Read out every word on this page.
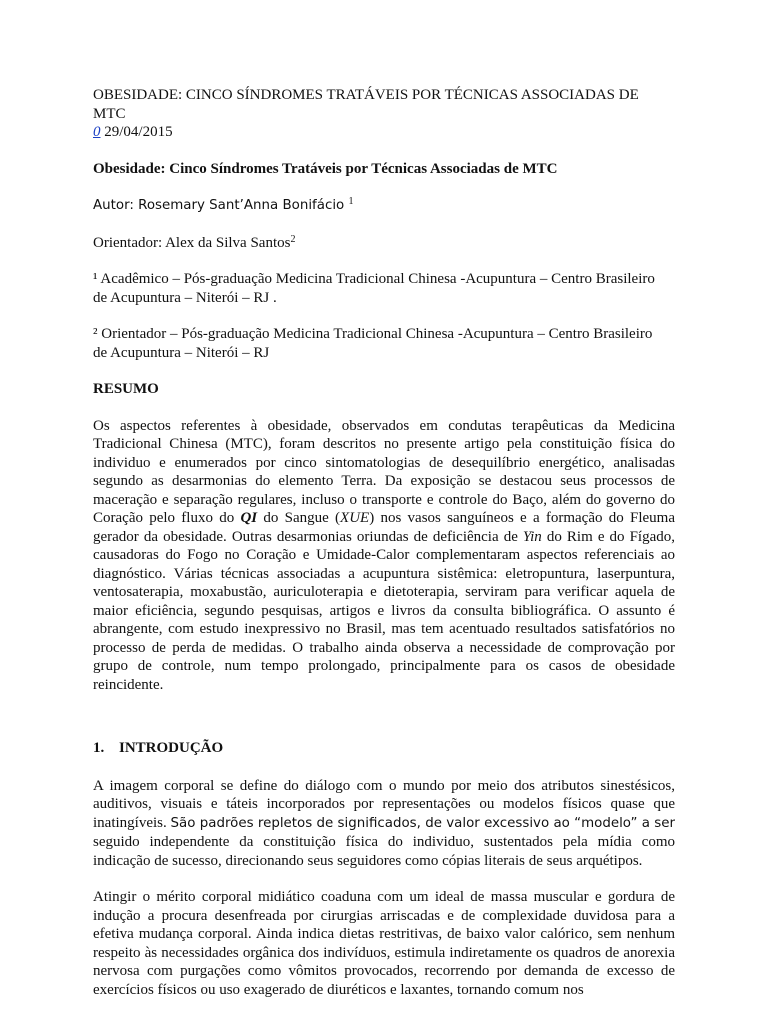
OBESIDADE: CINCO SÍNDROMES TRATÁVEIS POR TÉCNICAS ASSOCIADAS DE
MTC
0 29/04/2015

Obesidade: Cinco Síndromes Tratáveis por Técnicas Associadas de MTC

Autor: Rosemary Sant’Anna Bonifácio $^1$

Orientador: Alex da Silva Santos$^2$

¹ Acadêmico – Pós-graduação Medicina Tradicional Chinesa -Acupuntura – Centro Brasileiro
de Acupuntura – Niterói – RJ .

² Orientador – Pós-graduação Medicina Tradicional Chinesa -Acupuntura – Centro Brasileiro
de Acupuntura – Niterói – RJ

RESUMO

Os aspectos referentes à obesidade, observados em condutas terapêuticas da Medicina Tradicional Chinesa (MTC), foram descritos no presente artigo pela constituição física do individuo e enumerados por cinco sintomatologias de desequilíbrio energético, analisadas segundo as desarmonias do elemento Terra. Da exposição se destacou seus processos de maceração e separação regulares, incluso o transporte e controle do Baço, além do governo do Coração pelo fluxo do QI do Sangue (XUE) nos vasos sanguíneos e a formação do Fleuma gerador da obesidade. Outras desarmonias oriundas de deficiência de Yin do Rim e do Fígado, causadoras do Fogo no Coração e Umidade-Calor complementaram aspectos referenciais ao diagnóstico. Várias técnicas associadas a acupuntura sistêmica: eletropuntura, laserpuntura, ventosaterapia, moxabustão, auriculoterapia e dietoterapia, serviram para verificar aquela de maior eficiência, segundo pesquisas, artigos e livros da consulta bibliográfica. O assunto é abrangente, com estudo inexpressivo no Brasil, mas tem acentuado resultados satisfatórios no processo de perda de medidas. O trabalho ainda observa a necessidade de comprovação por grupo de controle, num tempo prolongado, principalmente para os casos de obesidade reincidente.

1. INTRODUÇÃO

A imagem corporal se define do diálogo com o mundo por meio dos atributos sinestésicos, auditivos, visuais e táteis incorporados por representações ou modelos físicos quase que inatingíveis. São padrões repletos de significados, de valor excessivo ao “modelo” a ser seguido independente da constituição física do individuo, sustentados pela mídia como indicação de sucesso, direcionando seus seguidores como cópias literais de seus arquétipos.

Atingir o mérito corporal midiático coaduna com um ideal de massa muscular e gordura de indução a procura desenfreada por cirurgias arriscadas e de complexidade duvidosa para a efetiva mudança corporal. Ainda indica dietas restritivas, de baixo valor calórico, sem nenhum respeito às necessidades orgânica dos indivíduos, estimula indiretamente os quadros de anorexia nervosa com purgações como vômitos provocados, recorrendo por demanda de excesso de exercícios físicos ou uso exagerado de diuréticos e laxantes, tornando comum nos
